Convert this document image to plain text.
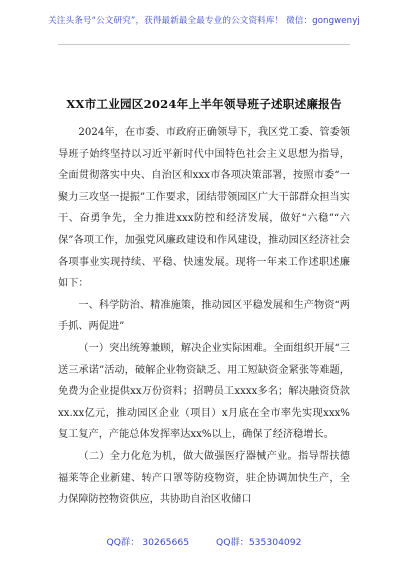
关注头条号“公文研究”，获得最新最全最专业的公文资料库！ 微信：gongwenyj
XX市工业园区2024年上半年领导班子述职述廉报告

2024年，在市委、市政府正确领导下，我区党工委、管委领导班子始终坚持以习近平新时代中国特色社会主义思想为指导，全面贯彻落实中央、自治区和xxx市各项决策部署，按照市委“一聚力三攻坚一提振”工作要求，团结带领园区广大干部群众担当实干、奋勇争先，全力推进xxx防控和经济发展，做好“六稳”“六保”各项工作，加强党风廉政建设和作风建设，推动园区经济社会各项事业实现持续、平稳、快速发展。现将一年来工作述职述廉如下：

一、科学防治、精准施策，推动园区平稳发展和生产物资“两手抓、两促进”

（一）突出统筹兼顾，解决企业实际困难。全面组织开展“三送三承诺”活动，破解企业物资缺乏、用工短缺资金紧张等难题，免费为企业提供xx万份资料；招聘员工xxxx多名；解决融资贷款xx.xx亿元，推动园区企业（项目）x月底在全市率先实现xxx%复工复产，产能总体发挥率达xx%以上，确保了经济稳增长。

（二）全力化危为机，做大做强医疗器械产业。指导帮扶德福莱等企业新建、转产口罩等防疫物资，驻企协调加快生产，全力保障防控物资供应，共协助自治区收储口

QQ群： 30265665	QQ群：535304092
